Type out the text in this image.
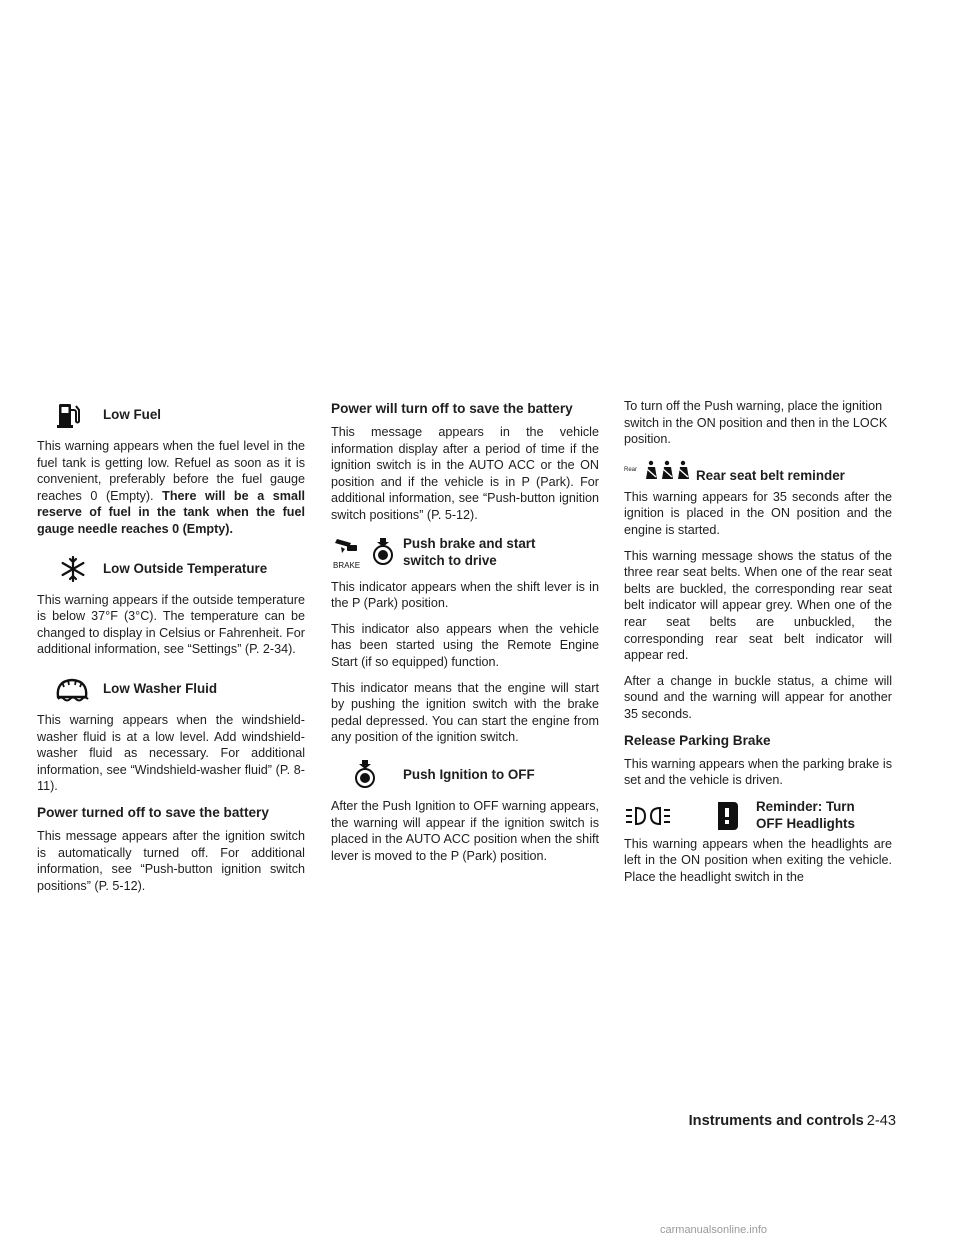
Low Fuel

This warning appears when the fuel level in the fuel tank is getting low. Refuel as soon as it is convenient, preferably before the fuel gauge reaches 0 (Empty). There will be a small reserve of fuel in the tank when the fuel gauge needle reaches 0 (Empty).

Low Outside Temperature

This warning appears if the outside temperature is below 37°F (3°C). The temperature can be changed to display in Celsius or Fahrenheit. For additional information, see “Settings” (P. 2-34).

Low Washer Fluid

This warning appears when the windshield-washer fluid is at a low level. Add windshield-washer fluid as necessary. For additional information, see “Windshield-washer fluid” (P. 8-11).

Power turned off to save the battery

This message appears after the ignition switch is automatically turned off. For additional information, see “Push-button ignition switch positions” (P. 5-12).

Power will turn off to save the battery

This message appears in the vehicle information display after a period of time if the ignition switch is in the AUTO ACC or the ON position and if the vehicle is in P (Park). For additional information, see “Push-button ignition switch positions” (P. 5-12).

BRAKE
Push brake and start
switch to drive

This indicator appears when the shift lever is in the P (Park) position.

This indicator also appears when the vehicle has been started using the Remote Engine Start (if so equipped) function.

This indicator means that the engine will start by pushing the ignition switch with the brake pedal depressed. You can start the engine from any position of the ignition switch.

Push Ignition to OFF

After the Push Ignition to OFF warning appears, the warning will appear if the ignition switch is placed in the AUTO ACC position when the shift lever is moved to the P (Park) position.

To turn off the Push warning, place the ignition switch in the ON position and then in the LOCK position.

Rear	Rear seat belt reminder

This warning appears for 35 seconds after the ignition is placed in the ON position and the engine is started.

This warning message shows the status of the three rear seat belts. When one of the rear seat belts are buckled, the corresponding rear seat belt indicator will appear grey. When one of the rear seat belts are unbuckled, the corresponding rear seat belt indicator will appear red.

After a change in buckle status, a chime will sound and the warning will appear for another 35 seconds.

Release Parking Brake

This warning appears when the parking brake is set and the vehicle is driven.

Reminder: Turn
OFF Headlights

This warning appears when the headlights are left in the ON position when exiting the vehicle. Place the headlight switch in the

Instruments and controls 2-43
carmanualsonline.info
